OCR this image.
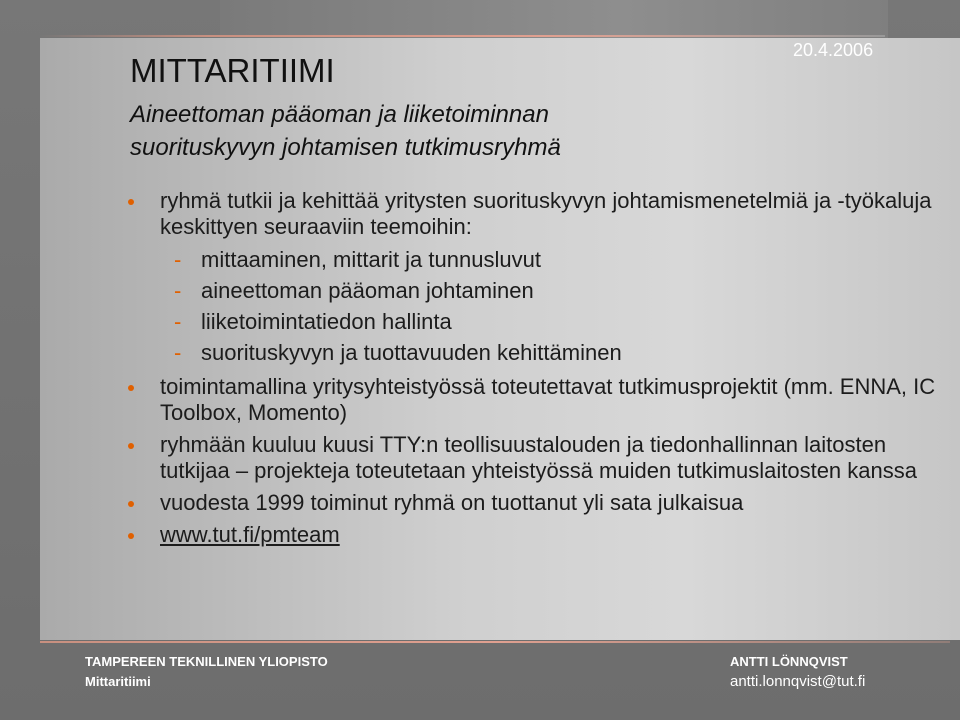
20.4.2006
MITTARITIIMI
Aineettoman pääoman ja liiketoiminnan
suorituskyvyn johtamisen tutkimusryhmä
ryhmä tutkii ja kehittää yritysten suorituskyvyn johtamismenetelmiä ja -työkaluja keskittyen seuraaviin teemoihin:
- mittaaminen, mittarit ja tunnusluvut
- aineettoman pääoman johtaminen
- liiketoimintatiedon hallinta
- suorituskyvyn ja tuottavuuden kehittäminen
toimintamallina yritysyhteistyössä toteutettavat tutkimusprojektit (mm. ENNA, IC Toolbox, Momento)
ryhmään kuuluu kuusi TTY:n teollisuustalouden ja tiedonhallinnan laitosten tutkijaa – projekteja toteutetaan yhteistyössä muiden tutkimuslaitosten kanssa
vuodesta 1999 toiminut ryhmä on tuottanut yli sata julkaisua
www.tut.fi/pmteam
TAMPEREEN TEKNILLINEN YLIOPISTO
Mittaritiimi
ANTTI LÖNNQVIST
antti.lonnqvist@tut.fi
